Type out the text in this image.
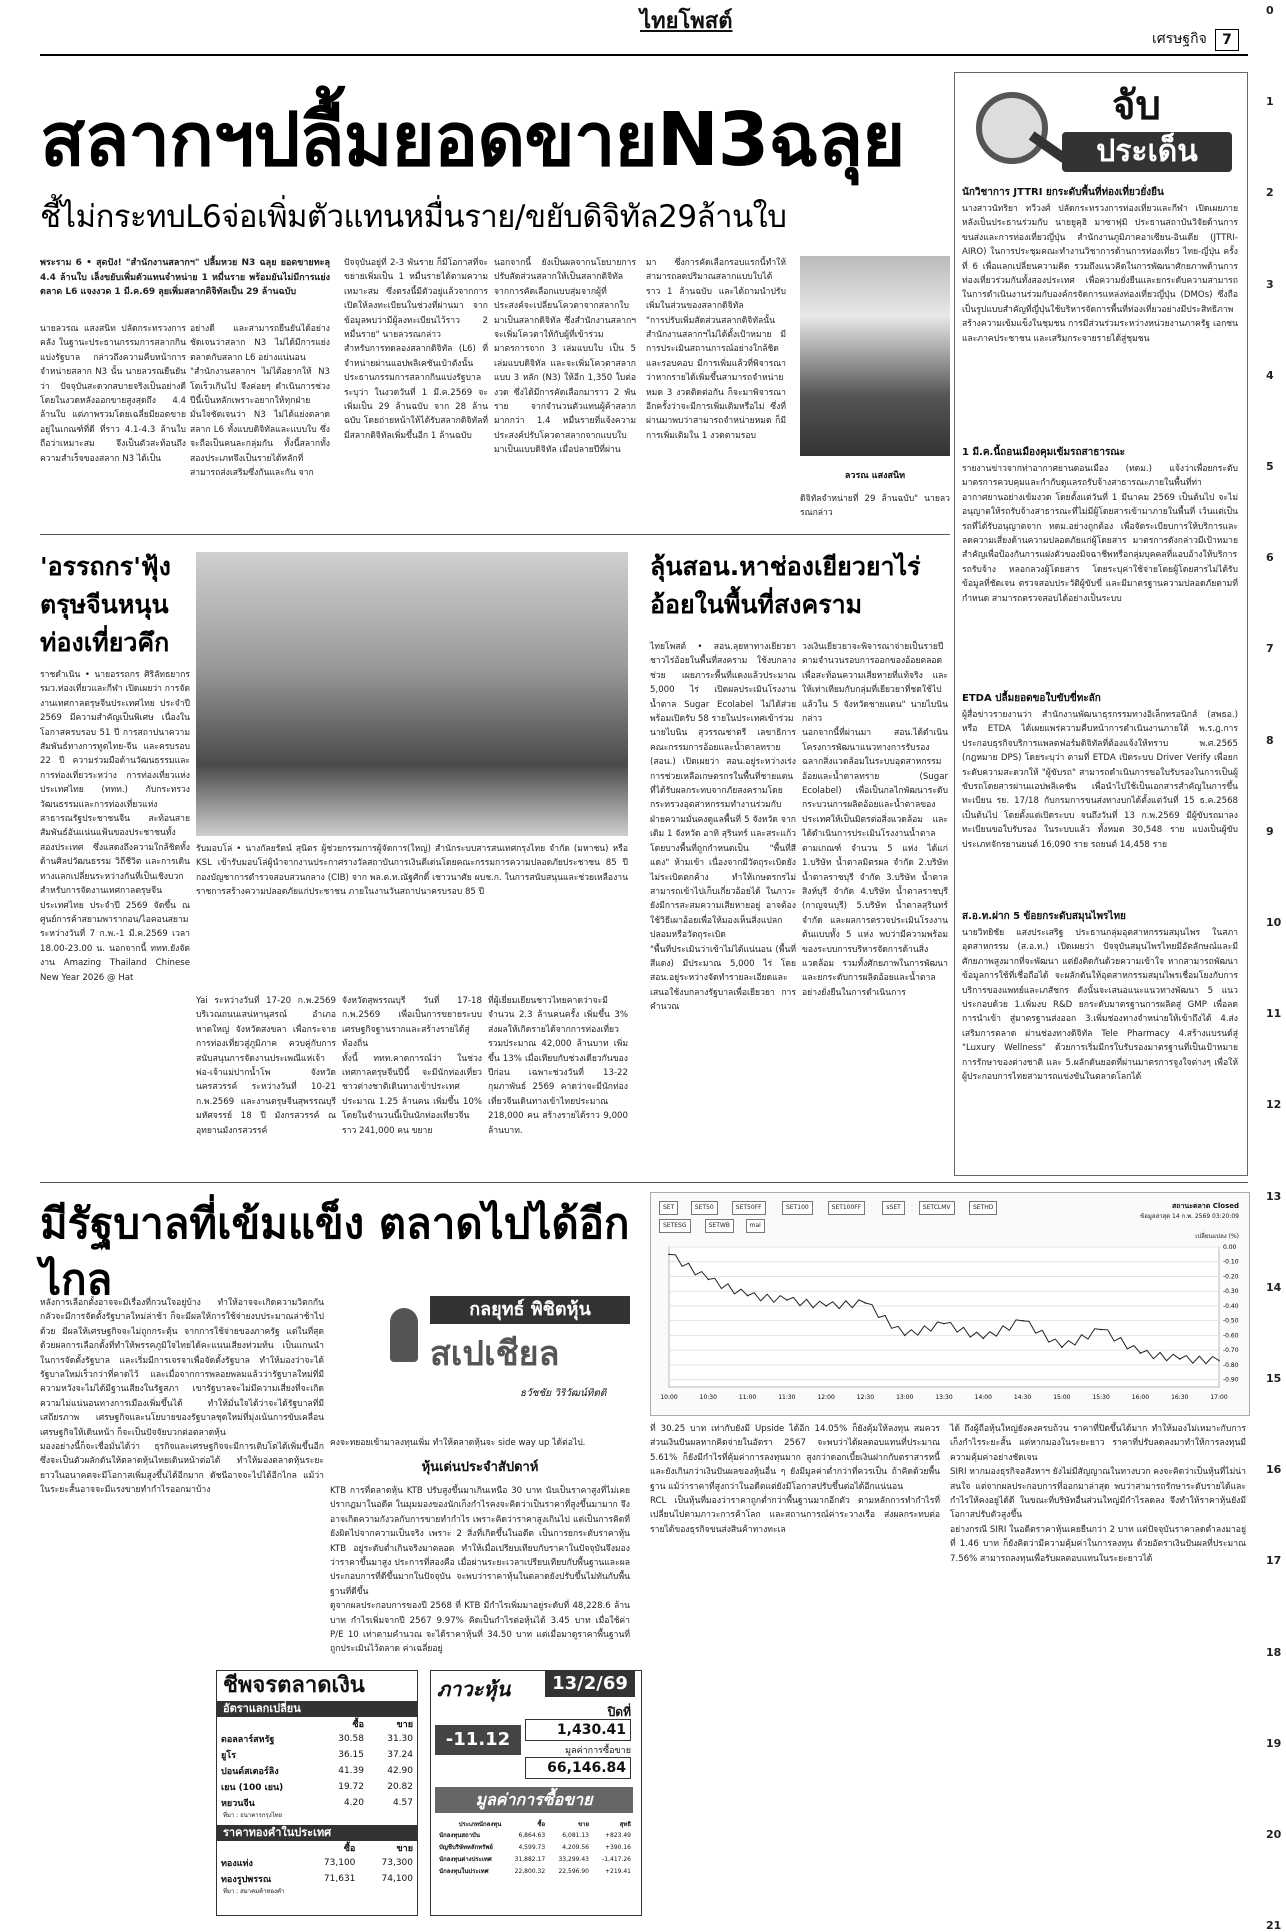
ไทยโพสต์
เศรษฐกิจ	7
0
1
2
3
4
5
6
7
8
9
10
11
12
13
14
15
16
17
18
19
20
21
สลากฯปลื้มยอดขายN3ฉลุย
ชี้ไม่กระทบL6จ่อเพิ่มตัวแทนหมื่นราย/ขยับดิจิทัล29ล้านใบ
พระราม 6 • สุดปัง! "สำนักงานสลากฯ" ปลื้มหวย N3 ฉลุย ยอดขายทะลุ 4.4 ล้านใบ เล็งขยับเพิ่มตัวแทนจำหน่าย 1 หมื่นราย พร้อมยันไม่มีการแย่งตลาด L6 แจงงวด 1 มี.ค.69 ลุยเพิ่มสลากดิจิทัลเป็น 29 ล้านฉบับ
นายลวรณ แสงสนิท ปลัดกระทรวงการคลัง ในฐานะประธานกรรมการสลากกินแบ่งรัฐบาล กล่าวถึงความคืบหน้าการจำหน่ายสลาก N3 นั้น นายลวรณยืนยันว่า ปัจจุบันสะดวกสบายจริงเป็นอย่างดี โดยในงวดหลังออกขายสูงสุดถึง 4.4 ล้านใบ แต่ภาพรวมโดยเฉลี่ยมียอดขายอยู่ในเกณฑ์ที่ดี ที่ราว 4.1-4.3 ล้านใบถือว่าเหมาะสม จึงเป็นตัวสะท้อนถึงความสำเร็จของสลาก N3 ได้เป็น
อย่างดี และสามารถยืนยันได้อย่างชัดเจนว่าสลาก N3 ไม่ได้มีการแย่งตลาดกับสลาก L6 อย่างแน่นอน
"สำนักงานสลากฯ ไม่ได้อยากให้ N3 โตเร็วเกินไป จึงค่อยๆ ดำเนินการช่วงปีนี้เป็นหลักเพราะอยากให้ทุกฝ่ายมั่นใจชัดเจนว่า N3 ไม่ได้แย่งตลาดสลาก L6 ทั้งแบบดิจิทัลและแบบใบ ซึ่งจะถือเป็นคนละกลุ่มกัน ทั้งนี้สลากทั้งสองประเภทจึงเป็นรายได้หลักที่สามารถส่งเสริมซึ่งกันและกัน จาก
ปัจจุบันอยู่ที่ 2-3 พันราย ก็มีโอกาสที่จะขยายเพิ่มเป็น 1 หมื่นรายได้ตามความเหมาะสม ซึ่งตรงนี้มีตัวอยู่แล้วจากการเปิดให้ลงทะเบียนในช่วงที่ผ่านมา จากข้อมูลพบว่ามีผู้ลงทะเบียนไว้ราว 2 หมื่นราย" นายลวรณกล่าว
สำหรับการทดลองสลากดิจิทัล (L6) ที่จำหน่ายผ่านแอปพลิเคชันเป๋าตังนั้น ประธานกรรมการสลากกินแบ่งรัฐบาลระบุว่า ในงวดวันที่ 1 มี.ค.2569 จะเพิ่มเป็น 29 ล้านฉบับ จาก 28 ล้านฉบับ โดยถ่ายหน้าให้ได้รับสลากดิจิทัลที่มีสลากดิจิทัลเพิ่มขึ้นอีก 1 ล้านฉบับ
นอกจากนี้ ยังเป็นผลจากนโยบายการปรับสัดส่วนสลากให้เป็นสลากดิจิทัล จากการคัดเลือกแบบสุ่มจากผู้ที่ประสงค์จะเปลี่ยนโควตาจากสลากใบมาเป็นสลากดิจิทัล ซึ่งสำนักงานสลากฯจะเพิ่มโควตาให้กับผู้ที่เข้าร่วมมาตรการจาก 3 เล่มแบบใบ เป็น 5 เล่มแบบดิจิทัล และจะเพิ่มโควตาสลากแบบ 3 หลัก (N3) ให้อีก 1,350 ใบต่องวด ซึ่งได้มีการคัดเลือกมาราว 2 พันราย จากจำนวนตัวแทนผู้ค้าสลากมากกว่า 1.4 หมื่นรายที่แจ้งความประสงค์ปรับโควตาสลากจากแบบใบมาเป็นแบบดิจิทัล เมื่อปลายปีที่ผ่าน
มา ซึ่งการคัดเลือกรอบแรกนี้ทำให้สามารถลดปริมาณสลากแบบใบได้ราว 1 ล้านฉบับ และได้ถามนำปรับเพิ่มในส่วนของสลากดิจิทัล
"การปรับเพิ่มสัดส่วนสลากดิจิทัลนั้น สำนักงานสลากฯไม่ได้ตั้งเป้าหมาย มีการประเมินสถานการณ์อย่างใกล้ชิดและรอบคอบ มีการเพิ่มแล้วที่พิจารณาว่าหากรายได้เพิ่มขึ้นสามารถจำหน่ายหมด 3 งวดติดต่อกัน ก็จะมาพิจารณาอีกครั้งว่าจะมีการเพิ่มเติมหรือไม่ ซึ่งที่ผ่านมาพบว่าสามารถจำหน่ายหมด ก็มีการเพิ่มเติมใน 1 งวดตามรอบ
ลวรณ แสงสนิท
ดิจิทัลจำหน่ายที่ 29 ล้านฉบับ" นายลวรณกล่าว
จับ
ประเด็น
นักวิชาการ JTTRI ยกระดับพื้นที่ท่องเที่ยวยั่งยืน
นางสาวนัทริยา ทวีวงศ์ ปลัดกระทรวงการท่องเที่ยวและกีฬา เปิดเผยภายหลังเป็นประธานร่วมกับ นายยูคุฮิ มาซาฟุมิ ประธานสถาบันวิจัยด้านการขนส่งและการท่องเที่ยวญี่ปุ่น สำนักงานภูมิภาคอาเซียน-อินเดีย (JTTRI-AIRO) ในการประชุมคณะทำงานวิชาการด้านการท่องเที่ยว ไทย-ญี่ปุ่น ครั้งที่ 6 เพื่อแลกเปลี่ยนความคิด รวมถึงแนวคิดในการพัฒนาศักยภาพด้านการท่องเที่ยวร่วมกันทั้งสองประเทศ เพื่อความยั่งยืนและยกระดับความสามารถในการดำเนินงานร่วมกับองค์กรจัดการแหล่งท่องเที่ยวญี่ปุ่น (DMOs) ซึ่งถือเป็นรูปแบบสำคัญที่ญี่ปุ่นใช้บริหารจัดการพื้นที่ท่องเที่ยวอย่างมีประสิทธิภาพ สร้างความเข้มแข็งในชุมชน การมีส่วนร่วมระหว่างหน่วยงานภาครัฐ เอกชน และภาคประชาชน และเสริมกระจายรายได้สู่ชุมชน
1 มี.ค.นี้ถอนเมืองคุมเข้มรถสาธารณะ
รายงานข่าวจากท่าอากาศยานดอนเมือง (ทดม.) แจ้งว่าเพื่อยกระดับมาตรการควบคุมและกำกับดูแลรถรับจ้างสาธารณะภายในพื้นที่ท่าอากาศยานอย่างเข้มงวด โดยตั้งแต่วันที่ 1 มีนาคม 2569 เป็นต้นไป จะไม่อนุญาตให้รถรับจ้างสาธารณะที่ไม่มีผู้โดยสารเข้ามาภายในพื้นที่ เว้นแต่เป็นรถที่ได้รับอนุญาตจาก ทดม.อย่างถูกต้อง เพื่อจัดระเบียบการให้บริการและลดความเสี่ยงด้านความปลอดภัยแก่ผู้โดยสาร มาตรการดังกล่าวมีเป้าหมายสำคัญเพื่อป้องกันการแฝงตัวของมิจฉาชีพหรือกลุ่มบุคคลที่แอบอ้างให้บริการรถรับจ้าง หลอกลวงผู้โดยสาร โดยระบุค่าใช้จ่ายโดยผู้โดยสารไม่ได้รับข้อมูลที่ชัดเจน ตรวจสอบประวัติผู้ขับขี่ และมีมาตรฐานความปลอดภัยตามที่กำหนด สามารถตรวจสอบได้อย่างเป็นระบบ
ETDA ปลื้มยอดขอใบขับขี่ทะลัก
ผู้สื่อข่าวรายงานว่า สำนักงานพัฒนาธุรกรรมทางอิเล็กทรอนิกส์ (สพธอ.) หรือ ETDA ได้เผยแพร่ความคืบหน้าการดำเนินงานภายใต้ พ.ร.ฎ.การประกอบธุรกิจบริการแพลตฟอร์มดิจิทัลที่ต้องแจ้งให้ทราบ พ.ศ.2565 (กฎหมาย DPS) โดยระบุว่า ตามที่ ETDA เปิดระบบ Driver Verify เพื่อยกระดับความสะดวกให้ "ผู้ขับรถ" สามารถดำเนินการขอใบรับรองในการเป็นผู้ขับรถโดยสารผ่านแอปพลิเคชัน เพื่อนำไปใช้เป็นเอกสารสำคัญในการขึ้นทะเบียน รย. 17/18 กับกรมการขนส่งทางบกได้ตั้งแต่วันที่ 15 ธ.ค.2568 เป็นต้นไป โดยตั้งแต่เปิดระบบ จนถึงวันที่ 13 ก.พ.2569 มีผู้ขับรถมาลงทะเบียนขอใบรับรอง ในระบบแล้ว ทั้งหมด 30,548 ราย แบ่งเป็นผู้ขับประเภทจักรยานยนต์ 16,090 ราย รถยนต์ 14,458 ราย
ส.อ.ท.ผ่าก 5 ข้อยกระดับสมุนไพรไทย
นายวิทยิชัย แสงประเสริฐ ประธานกลุ่มอุตสาหกรรมสมุนไพร ในสภาอุตสาหกรรม (ส.อ.ท.) เปิดเผยว่า ปัจจุบันสมุนไพรไทยมีอัตลักษณ์และมีศักยภาพสูงมากที่จะพัฒนา แต่ยังติดกันด้วยความเข้าใจ หากสามารถพัฒนาข้อมูลการใช้ที่เชื่อถือได้ จะผลักดันให้อุตสาหกรรมสมุนไพรเชื่อมโยงกับการบริการของแพทย์และเภสัชกร ดังนั้นจะเสนอแนะแนวทางพัฒนา 5 แนว ประกอบด้วย 1.เพิ่มงบ R&D ยกระดับมาตรฐานการผลิตสู่ GMP เพื่อลดการนำเข้า สู่มาตรฐานส่งออก 3.เพิ่มช่องทางจำหน่ายให้เข้าถึงได้ 4.ส่งเสริมการตลาด ผ่านช่องทางดิจิทัล Tele Pharmacy 4.สร้างแบรนด์สู่ "Luxury Wellness" ด้วยการเริ่มมีกรใบรับรองมาตรฐานที่เป็นเป้าหมายการรักษาของต่างชาติ และ 5.ผลักดันยอดที่ผ่านมาตรการจูงใจต่างๆ เพื่อให้ผู้ประกอบการไทยสามารถแข่งขันในตลาดโลกได้
'อรรถกร'ฟุ้งตรุษจีนหนุนท่องเที่ยวคึก
ราชดำเนิน • นายอรรถกร ศิริลัทธยากร รมว.ท่องเที่ยวและกีฬา เปิดเผยว่า การจัดงานเทศกาลตรุษจีนประเทศไทย ประจำปี 2569 มีความสำคัญเป็นพิเศษ เนื่องในโอกาสครบรอบ 51 ปี การสถาปนาความสัมพันธ์ทางการทูตไทย-จีน และครบรอบ 22 ปี ความร่วมมือด้านวัฒนธรรมและการท่องเที่ยวระหว่าง การท่องเที่ยวแห่งประเทศไทย (ททท.) กับกระทรวงวัฒนธรรมและการท่องเที่ยวแห่งสาธารณรัฐประชาชนจีน สะท้อนสายสัมพันธ์อันแน่นแฟ้นของประชาชนทั้งสองประเทศ ซึ่งแสดงถึงความใกล้ชิดทั้งด้านศิลปวัฒนธรรม วิถีชีวิต และการเดินทางแลกเปลี่ยนระหว่างกันที่เป็นเชิงบวก
สำหรับการจัดงานเทศกาลตรุษจีนประเทศไทย ประจำปี 2569 จัดขึ้น ณ ศูนย์การค้าสยามพารากอน/ไอคอนสยาม ระหว่างวันที่ 7 ก.พ.-1 มี.ค.2569 เวลา 18.00-23.00 น. นอกจากนี้ ททท.ยังจัดงาน Amazing Thailand Chinese New Year 2026 @ Hat
รับมอบโล่ • นางกัลยรัตน์ สุนิตร ผู้ช่วยกรรมการผู้จัดการ(ใหญ่) สำนักระบบสารสนเทศกรุงไทย จำกัด (มหาชน) หรือ KSL เข้ารับมอบโล่ผู้นำจากงานประกาศรางวัลสถาบันการเงินดีเด่นโดยคณะกรรมการความปลอดภัยประชาชน 85 ปี กองบัญชาการตำรวจสอบสวนกลาง (CIB) จาก พล.ต.ท.ณัฐศักดิ์ เชาวนาศัย ผบช.ก. ในการสนับสนุนและช่วยเหลืองานราชการสร้างความปลอดภัยแก่ประชาชน ภายในงานวันสถาปนาครบรอบ 85 ปี
Yai ระหว่างวันที่ 17-20 ก.พ.2569 บริเวณถนนเสน่หานุสรณ์ อำเภอหาดใหญ่ จังหวัดสงขลา เพื่อกระจายการท่องเที่ยวสู่ภูมิภาค ควบคู่กับการสนับสนุนการจัดงานประเพณีแห่เจ้าพ่อ-เจ้าแม่ปากน้ำโพ จังหวัดนครสวรรค์ ระหว่างวันที่ 10-21 ก.พ.2569 และงานตรุษจีนสุพรรณบุรี มหัศจรรย์ 18 ปี มังกรสวรรค์ ณ อุทยานมังกรสวรรค์
จังหวัดสุพรรณบุรี วันที่ 17-18 ก.พ.2569 เพื่อเป็นการขยายระบบเศรษฐกิจฐานรากและสร้างรายได้สู่ท้องถิ่น
ทั้งนี้ ททท.คาดการณ์ว่า ในช่วงเทศกาลตรุษจีนปีนี้ จะมีนักท่องเที่ยวชาวต่างชาติเดินทางเข้าประเทศประมาณ 1.25 ล้านคน เพิ่มขึ้น 10% โดยในจำนวนนี้เป็นนักท่องเที่ยวจีนราว 241,000 คน ขยาย
ที่ผู้เยี่ยมเยียนชาวไทยคาดว่าจะมีจำนวน 2.3 ล้านคนครั้ง เพิ่มขึ้น 3% ส่งผลให้เกิดรายได้จากการท่องเที่ยวรวมประมาณ 42,000 ล้านบาท เพิ่มขึ้น 13% เมื่อเทียบกับช่วงเดียวกันของปีก่อน เฉพาะช่วงวันที่ 13-22 กุมภาพันธ์ 2569 คาดว่าจะมีนักท่องเที่ยวจีนเดินทางเข้าไทยประมาณ 218,000 คน สร้างรายได้ราว 9,000 ล้านบาท.
ลุ้นสอน.หาช่องเยียวยาไร่อ้อยในพื้นที่สงคราม
ไทยโพสต์ • สอน.ลุยหาทางเยียวยาชาวไร่อ้อยในพื้นที่สงคราม ใช้งบกลางช่วย เผยภาระพื้นที่แดงแล้วประมาณ 5,000 ไร่ เปิดผลประเมินโรงงานน้ำตาล Sugar Ecolabel ไม่ได้ส่วย พร้อมเปิดรับ 58 รายในประเทศเข้าร่วม
นายไบนิน สุวรรณชาตรี เลขาธิการคณะกรรมการอ้อยและน้ำตาลทราย (สอน.) เปิดเผยว่า สอน.อยู่ระหว่างเร่งการช่วยเหลือเกษตรกรในพื้นที่ชายแดนที่ได้รับผลกระทบจากภัยสงครามโดยกระทรวงอุตสาหกรรมทำงานร่วมกับฝ่ายความมั่นคงดูแลพื้นที่ 5 จังหวัด จากเดิม 1 จังหวัด อาทิ สุรินทร์ และสระแก้ว โดยบางพื้นที่ถูกกำหนดเป็น "พื้นที่สีแดง" ห้ามเข้า เนื่องจากมีวัตถุระเบิดยังไม่ระเบิดตกค้าง ทำให้เกษตรกรไม่สามารถเข้าไปเก็บเกี่ยวอ้อยได้ ในภาวะยังมีการสะสมความเสียหายอยู่ อาจต้องใช้วิธีเผาอ้อยเพื่อให้มองเห็นสิ่งแปลกปลอมหรือวัตถุระเบิด
"พื้นที่ประเมินว่าเข้าไม่ได้แน่นอน (พื้นที่สีแดง) มีประมาณ 5,000 ไร่ โดย สอน.อยู่ระหว่างจัดทำรายละเอียดและเสนอใช้งบกลางรัฐบาลเพื่อเยียวยา การคำนวณ
วงเงินเยียวยาจะพิจารณาจ่ายเป็นรายปี ตามจำนวนรอบการออกของอ้อยตลอดเพื่อสะท้อนความเสียหายที่แท้จริง และให้เท่าเทียมกับกลุ่มที่เยียวยาที่ชดใช้ไปแล้วใน 5 จังหวัดชายแดน" นายไบนิน กล่าว
นอกจากนี้ที่ผ่านมา สอน.ได้ดำเนินโครงการพัฒนาแนวทางการรับรองฉลากสิ่งแวดล้อมในระบบอุตสาหกรรมอ้อยและน้ำตาลทราย (Sugar Ecolabel) เพื่อเป็นกลไกพัฒนาระดับกระบวนการผลิตอ้อยและน้ำตาลของประเทศให้เป็นมิตรต่อสิ่งแวดล้อม และได้ดำเนินการประเมินโรงงานน้ำตาลตามเกณฑ์ จำนวน 5 แห่ง ได้แก่ 1.บริษัท น้ำตาลมิตรผล จำกัด 2.บริษัท น้ำตาลราชบุรี จำกัด 3.บริษัท น้ำตาลสิงห์บุรี จำกัด 4.บริษัท น้ำตาลราชบุรี (กาญจนบุรี) 5.บริษัท น้ำตาลสุรินทร์ จำกัด และผลการตรวจประเมินโรงงานต้นแบบทั้ง 5 แห่ง พบว่ามีความพร้อมของระบบการบริหารจัดการด้านสิ่งแวดล้อม รวมทั้งศักยภาพในการพัฒนาและยกระดับการผลิตอ้อยและน้ำตาลอย่างยั่งยืนในการดำเนินการ
มีรัฐบาลที่เข้มแข็ง ตลาดไปได้อีกไกล
กลยุทธ์ พิชิตหุ้น
สเปเชียล
ธวัชชัย วิริวัฒน์ทิตติ
หลังการเลือกตั้งอาจจะมีเรื่องที่กวนใจอยู่บ้าง ทำให้อาจจะเกิดความวิตกกัน กลัวจะมีการจัดตั้งรัฐบาลใหม่ล่าช้า ก็จะมีผลให้การใช้จ่ายงบประมาณล่าช้าไปด้วย มีผลให้เศรษฐกิจจะไม่ถูกกระตุ้น จากการใช้จ่ายของภาครัฐ แต่ในที่สุดด้วยผลการเลือกตั้งที่ทำให้พรรคภูมิใจไทยได้คะแนนเสียงท่วมท้น เป็นแกนนำในการจัดตั้งรัฐบาล และเริ่มมีการเจรจาเพื่อจัดตั้งรัฐบาล ทำให้มองว่าจะได้รัฐบาลใหม่เร็วกว่าที่คาดไว้ และเมื่อจากการพลอยพลมแล้วว่ารัฐบาลใหม่ที่มีความหวังจะไม่ได้มีฐานเสียงในรัฐสภา เขารัฐบาลจะไม่มีความเสี่ยงที่จะเกิดความไม่แน่นอนทางการเมืองเพิ่มขึ้นได้ ทำให้มั่นใจได้ว่าจะได้รัฐบาลที่มีเสถียรภาพ เศรษฐกิจและนโยบายของรัฐบาลชุดใหม่ที่มุ่งเน้นการขับเคลื่อนเศรษฐกิจให้เดินหน้า ก็จะเป็นปัจจัยบวกต่อตลาดหุ้น
มองอย่างนี้ก็จะเชื่อมั่นได้ว่า ธุรกิจและเศรษฐกิจจะมีการเติบโตได้เพิ่มขึ้นอีก ซึ่งจะเป็นตัวผลักดันให้ตลาดหุ้นไทยเดินหน้าต่อได้ ทำให้มองตลาดหุ้นระยะยาวในอนาคตจะมีโอกาสเพิ่มสูงขึ้นได้อีกมาก ดัชนีอาจจะไปได้อีกไกล แม้ว่าในระยะสั้นอาจจะมีแรงขายทำกำไรออกมาบ้าง
คงจะทยอยเข้ามาลงทุนเพิ่ม ทำให้ตลาดหุ้นจะ side way up ได้ต่อไป.
หุ้นเด่นประจำสัปดาห์
KTB การที่ตลาดหุ้น KTB ปรับสูงขึ้นมาเกินเหนือ 30 บาท นับเป็นราคาสูงที่ไม่เคยปรากฏมาในอดีต ในมุมมองของนักเก็งกำไรคงจะคิดว่าเป็นราคาที่สูงขึ้นมามาก จึงอาจเกิดความกังวลกับการขายทำกำไร เพราะคิดว่าราคาสูงเกินไป แต่เป็นการคิดที่ยังผิดไปจากความเป็นจริง เพราะ 2 สิ่งที่เกิดขึ้นในอดีต เป็นการยกระดับราคาหุ้น KTB อยู่ระดับต่ำเกินจริงมาตลอด ทำให้เมื่อเปรียบเทียบกับราคาในปัจจุบันจึงมองว่าราคาขึ้นมาสูง ประการที่สองคือ เมื่อผ่านระยะเวลาเปรียบเทียบกับพื้นฐานและผลประกอบการที่ดีขึ้นมากในปัจจุบัน จะพบว่าราคาหุ้นในตลาดยังปรับขึ้นไม่ทันกับพื้นฐานที่ดีขึ้น
ดูจากผลประกอบการของปี 2568 ที่ KTB มีกำไรเพิ่มมาอยู่ระดับที่ 48,228.6 ล้านบาท กำไรเพิ่มจากปี 2567 9.97% คิดเป็นกำไรต่อหุ้นได้ 3.45 บาท เมื่อใช้ค่า P/E 10 เท่าตามคำนวณ จะได้ราคาหุ้นที่ 34.50 บาท แต่เมื่อมาดูราคาพื้นฐานที่ถูกประเมินไว้ตลาด ค่าเฉลี่ยอยู่
ที่ 30.25 บาท เท่ากับยังมี Upside ได้อีก 14.05% ก็ยังคุ้มให้ลงทุน สมควร ส่วนเงินปันผลหากคิดจ่ายในอัตรา 2567 จะพบว่าได้ผลตอบแทนที่ประมาณ 5.61% ก็ยังมีกำไรที่คุ้มค่าการลงทุนมาก สูงกว่าดอกเบี้ยเงินฝากกับตราสารหนี้ และยังเกินกว่าเงินปันผลของหุ้นอื่น ๆ ยังมีมูลค่าต่ำกว่าที่ควรเป็น ถ้าคิดด้วยพื้นฐาน แม้ว่าราคาที่สูงกว่าในอดีตแต่ยังมีโอกาสปรับขึ้นต่อได้อีกแน่นอน
RCL เป็นหุ้นที่มองว่าราคาถูกต่ำกว่าพื้นฐานมากอีกตัว ตามหลักการทำกำไรที่เปลี่ยนไปตามภาวะการค้าโลก และสถานการณ์ค่าระวางเรือ ส่งผลกระทบต่อรายได้ของธุรกิจขนส่งสินค้าทางทะเล
ได้ ถึงผู้ถือหุ้นใหญ่ยังคงครบถ้วน ราคาที่ปิดขึ้นได้มาก ทำให้มองไม่เหมาะกับการเก็งกำไรระยะสั้น แต่หากมองในระยะยาว ราคาที่ปรับลดลงมาทำให้การลงทุนมีความคุ้มค่าอย่างชัดเจน
SIRI หากมองธุรกิจอสังหาฯ ยังไม่มีสัญญาณในทางบวก คงจะคิดว่าเป็นหุ้นที่ไม่น่าสนใจ แต่จากผลประกอบการที่ออกมาล่าสุด พบว่าสามารถรักษาระดับรายได้และกำไรให้คงอยู่ได้ดี ในขณะที่บริษัทอื่นส่วนใหญ่มีกำไรลดลง จึงทำให้ราคาหุ้นยังมีโอกาสปรับตัวสูงขึ้น
อย่างกรณี SIRI ในอดีตราคาหุ้นเคยยืนกว่า 2 บาท แต่ปัจจุบันราคาลดต่ำลงมาอยู่ที่ 1.46 บาท ก็ยังคิดว่ามีความคุ้มค่าในการลงทุน ด้วยอัตราเงินปันผลที่ประมาณ 7.56% สามารถลงทุนเพื่อรับผลตอบแทนในระยะยาวได้
SET	SET50	SET50FF	SET100	SET100FF	sSET	SETCLMV	SETHD
SETESG	SETWB	mai
สถานะตลาด Closed
ข้อมูลล่าสุด 14 ก.พ. 2569 03:20:09
เปลี่ยนแปลง (%)
0.00
-0.10
-0.20
-0.30
-0.40
-0.50
-0.60
-0.70
-0.80
-0.90
10:00	10:30	11:00	11:30	12:00	12:30	13:00	13:30	14:00	14:30	15:00	15:30	16:00	16:30	17:00
ชีพจรตลาดเงิน
อัตราแลกเปลี่ยน
	ซื้อ	ขาย
ดอลลาร์สหรัฐ	30.58	31.30
ยูโร	36.15	37.24
ปอนด์สเตอร์ลิง	41.39	42.90
เยน (100 เยน)	19.72	20.82
หยวนจีน	4.20	4.57
ที่มา : ธนาคารกรุงไทย
ราคาทองคำในประเทศ
	ซื้อ	ขาย
ทองแท่ง	73,100	73,300
ทองรูปพรรณ	71,631	74,100
ที่มา : สมาคมค้าทองคำ
ภาวะหุ้น	13/2/69
ปิดที่
-11.12	1,430.41
มูลค่าการซื้อขาย
66,146.84
มูลค่าการซื้อขาย
ประเภทนักลงทุน	ซื้อ	ขาย	สุทธิ
นักลงทุนสถาบัน	6,864.63	6,081.13	+823.49
บัญชีบริษัทหลักทรัพย์	4,599.73	4,209.56	+390.16
นักลงทุนต่างประเทศ	31,882.17	33,299.43	-1,417.26
นักลงทุนในประเทศ	22,800.32	22,596.90	+219.41
